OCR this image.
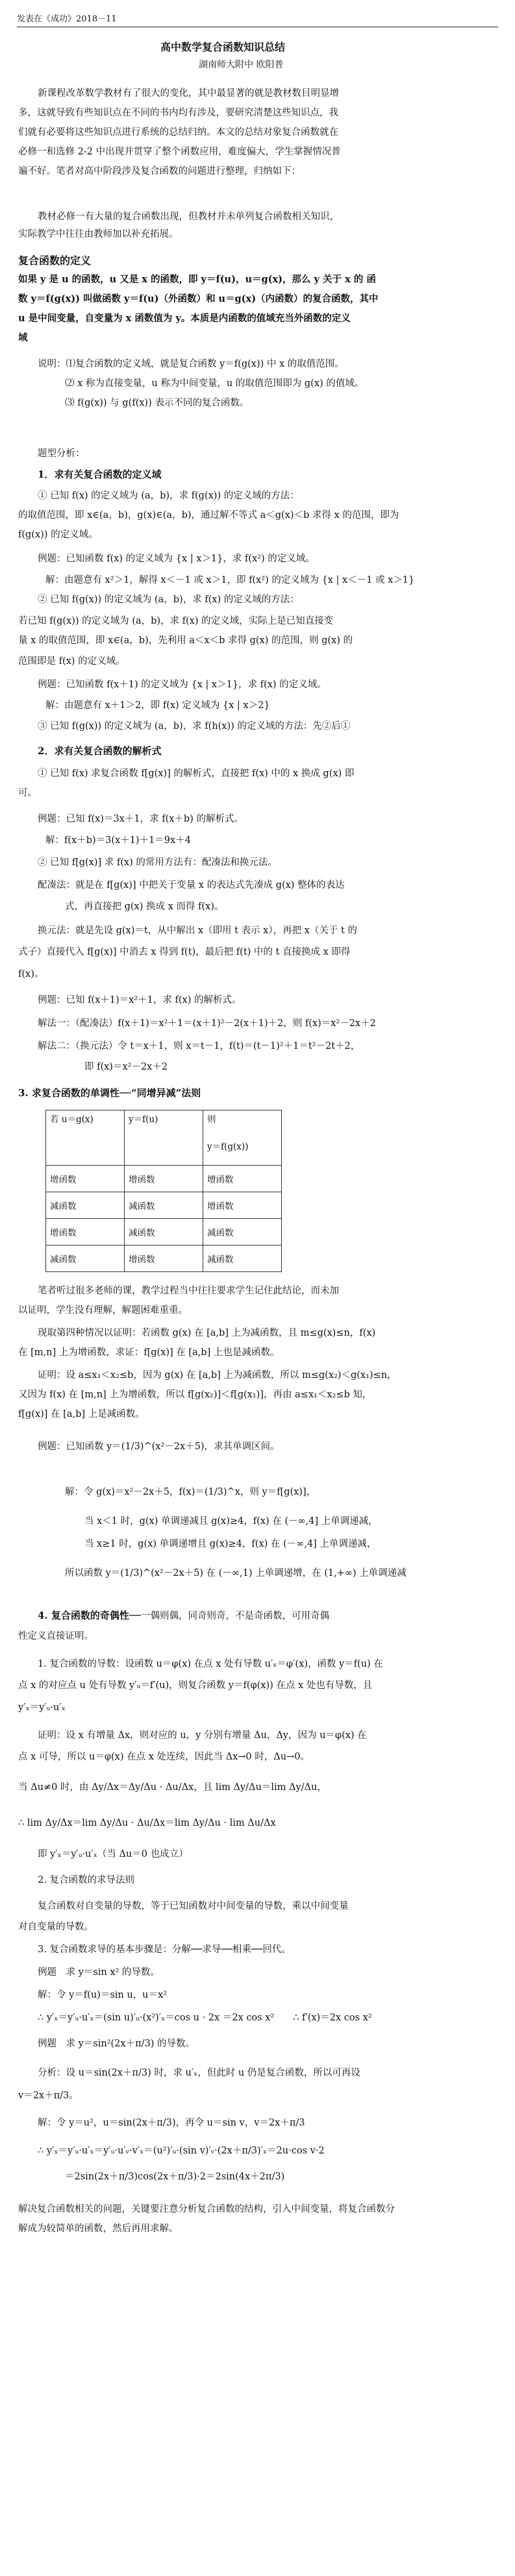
发表在《成功》2018－11
高中数学复合函数知识总结
湖南师大附中 欧阳普
新课程改革数学教材有了很大的变化，其中最显著的就是教材数目明显增
多，这就导致有些知识点在不同的书内均有涉及，要研究清楚这些知识点，我
们就有必要将这些知识点进行系统的总结归纳。本文的总结对象复合函数就在
必修一和选修 2-2 中出现并贯穿了整个函数应用，难度偏大，学生掌握情况普
遍不好。笔者对高中阶段涉及复合函数的问题进行整理，归纳如下：
教材必修一有大量的复合函数出现，但教材并未单列复合函数相关知识，
实际教学中往往由教师加以补充拓展。
复合函数的定义
如果 y 是 u 的函数，u 又是 x 的函数，即 y＝f(u)，u＝g(x)，那么 y 关于 x 的 函
数 y＝f(g(x)) 叫做函数 y＝f(u)（外函数）和 u＝g(x)（内函数）的复合函数，其中
u 是中间变量，自变量为 x 函数值为 y。本质是内函数的值域充当外函数的定义
域
说明：⑴复合函数的定义域，就是复合函数 y＝f(g(x)) 中 x 的取值范围。
⑵ x 称为直接变量，u 称为中间变量，u 的取值范围即为 g(x) 的值域。
⑶ f(g(x)) 与 g(f(x)) 表示不同的复合函数。
题型分析：
1．求有关复合函数的定义域
① 已知 f(x) 的定义域为 (a，b)，求 f(g(x)) 的定义域的方法：
的取值范围，即 x∈(a，b)，g(x)∈(a，b)，通过解不等式 a＜g(x)＜b 求得 x 的范围，即为
f(g(x)) 的定义域。
例题：已知函数 f(x) 的定义域为 {x | x＞1}，求 f(x²) 的定义域。
解：由题意有 x²＞1，解得 x＜－1 或 x＞1，即 f(x²) 的定义域为 {x | x＜－1 或 x＞1}
② 已知 f(g(x)) 的定义域为 (a，b)，求 f(x) 的定义域的方法：
若已知 f(g(x)) 的定义域为 (a，b)，求 f(x) 的定义域，实际上是已知直接变
量 x 的取值范围，即 x∈(a，b)，先利用 a＜x＜b 求得 g(x) 的范围，则 g(x) 的
范围即是 f(x) 的定义域。
例题：已知函数 f(x＋1) 的定义域为 {x | x＞1}，求 f(x) 的定义域。
解：由题意有 x＋1＞2，即 f(x) 定义域为 {x | x＞2}
③ 已知 f(g(x)) 的定义域为 (a，b)，求 f(h(x)) 的定义域的方法：先②后①
2．求有关复合函数的解析式
① 已知 f(x) 求复合函数 f[g(x)] 的解析式，直接把 f(x) 中的 x 换成 g(x) 即
可。
例题：已知 f(x)＝3x＋1，求 f(x＋b) 的解析式。
解：f(x＋b)＝3(x＋1)＋1＝9x＋4
② 已知 f[g(x)] 求 f(x) 的常用方法有：配凑法和换元法。
配凑法：就是在 f[g(x)] 中把关于变量 x 的表达式先凑成 g(x) 整体的表达
式，再直接把 g(x) 换成 x 而得 f(x)。
换元法：就是先设 g(x)＝t，从中解出 x（即用 t 表示 x），再把 x（关于 t 的
式子）直接代入 f[g(x)] 中消去 x 得到 f(t)，最后把 f(t) 中的 t 直接换成 x 即得
f(x)。
例题：已知 f(x＋1)＝x²＋1，求 f(x) 的解析式。
解法一：（配凑法）f(x＋1)＝x²＋1＝(x＋1)²－2(x＋1)＋2，则 f(x)＝x²－2x＋2
解法二：（换元法）令 t＝x＋1，则 x＝t－1，f(t)＝(t－1)²＋1＝t²－2t＋2，
即 f(x)＝x²－2x＋2
3. 求复合函数的单调性──“同增异减”法则
若 u＝g(x)	y＝f(u)	则
y＝f(g(x))

增函数	增函数	增函数
减函数	减函数	增函数
增函数	减函数	减函数
减函数	增函数	减函数
笔者听过很多老师的课，教学过程当中往往要求学生记住此结论，而未加
以证明，学生没有理解，解题困难重重。
现取第四种情况以证明：若函数 g(x) 在 [a,b] 上为减函数，且 m≤g(x)≤n，f(x)
在 [m,n] 上为增函数，求证：f[g(x)] 在 [a,b] 上也是减函数。
证明：设 a≤x₁＜x₂≤b，因为 g(x) 在 [a,b] 上为减函数，所以 m≤g(x₂)＜g(x₁)≤n，
又因为 f(x) 在 [m,n] 上为增函数，所以 f[g(x₂)]＜f[g(x₁)]，再由 a≤x₁＜x₂≤b 知，
f[g(x)] 在 [a,b] 上是减函数。
例题：已知函数 y＝(1/3)^(x²－2x＋5)，求其单调区间。
解：令 g(x)＝x²－2x＋5，f(x)＝(1/3)^x，则 y＝f[g(x)]，
当 x＜1 时，g(x) 单调递减且 g(x)≥4，f(x) 在 (－∞,4] 上单调递减，
当 x≥1 时，g(x) 单调递增且 g(x)≥4，f(x) 在 (－∞,4] 上单调递减，
所以函数 y＝(1/3)^(x²－2x＋5) 在 (－∞,1) 上单调递增，在 (1,+∞) 上单调递减
4. 复合函数的奇偶性──一偶则偶，同奇则奇，不是奇函数，可用奇偶
性定义直接证明。
1. 复合函数的导数：设函数 u＝φ(x) 在点 x 处有导数 u′ₓ＝φ′(x)，函数 y＝f(u) 在
点 x 的对应点 u 处有导数 y′ᵤ＝f′(u)，则复合函数 y＝f(φ(x)) 在点 x 处也有导数，且
y′ₓ＝y′ᵤ·u′ₓ
证明：设 x 有增量 Δx，则对应的 u，y 分别有增量 Δu，Δy，因为 u＝φ(x) 在
点 x 可导，所以 u＝φ(x) 在点 x 处连续，因此当 Δx→0 时，Δu→0。
当 Δu≠0 时，由 Δy/Δx＝Δy/Δu · Δu/Δx，且 lim Δy/Δu＝lim Δy/Δu，
∴ lim Δy/Δx＝lim Δy/Δu · Δu/Δx＝lim Δy/Δu · lim Δu/Δx
即 y′ₓ＝y′ᵤ·u′ₓ（当 Δu＝0 也成立）
2. 复合函数的求导法则
复合函数对自变量的导数，等于已知函数对中间变量的导数，乘以中间变量
对自变量的导数。
3. 复合函数求导的基本步骤是：分解──求导──相乘──回代。
例题　求 y＝sin x² 的导数。
解：令 y＝f(u)＝sin u，u＝x²
∴ y′ₓ＝y′ᵤ·u′ₓ＝(sin u)′ᵤ·(x²)′ₓ＝cos u · 2x ＝2x cos x²　　∴ f′(x)＝2x cos x²
例题　求 y＝sin²(2x＋π/3) 的导数。
分析：设 u＝sin(2x＋π/3) 时，求 u′ₓ，但此时 u 仍是复合函数，所以可再设
v＝2x＋π/3。
解：令 y＝u²，u＝sin(2x＋π/3)，再令 u＝sin v，v＝2x＋π/3
∴ y′ₓ＝y′ᵤ·u′ₓ＝y′ᵤ·u′ᵥ·v′ₓ＝(u²)′ᵤ·(sin v)′ᵥ·(2x＋π/3)′ₓ＝2u·cos v·2
＝2sin(2x＋π/3)cos(2x＋π/3)·2＝2sin(4x＋2π/3)
解决复合函数相关的问题，关键要注意分析复合函数的结构，引入中间变量，将复合函数分
解成为较简单的函数，然后再用求解。
